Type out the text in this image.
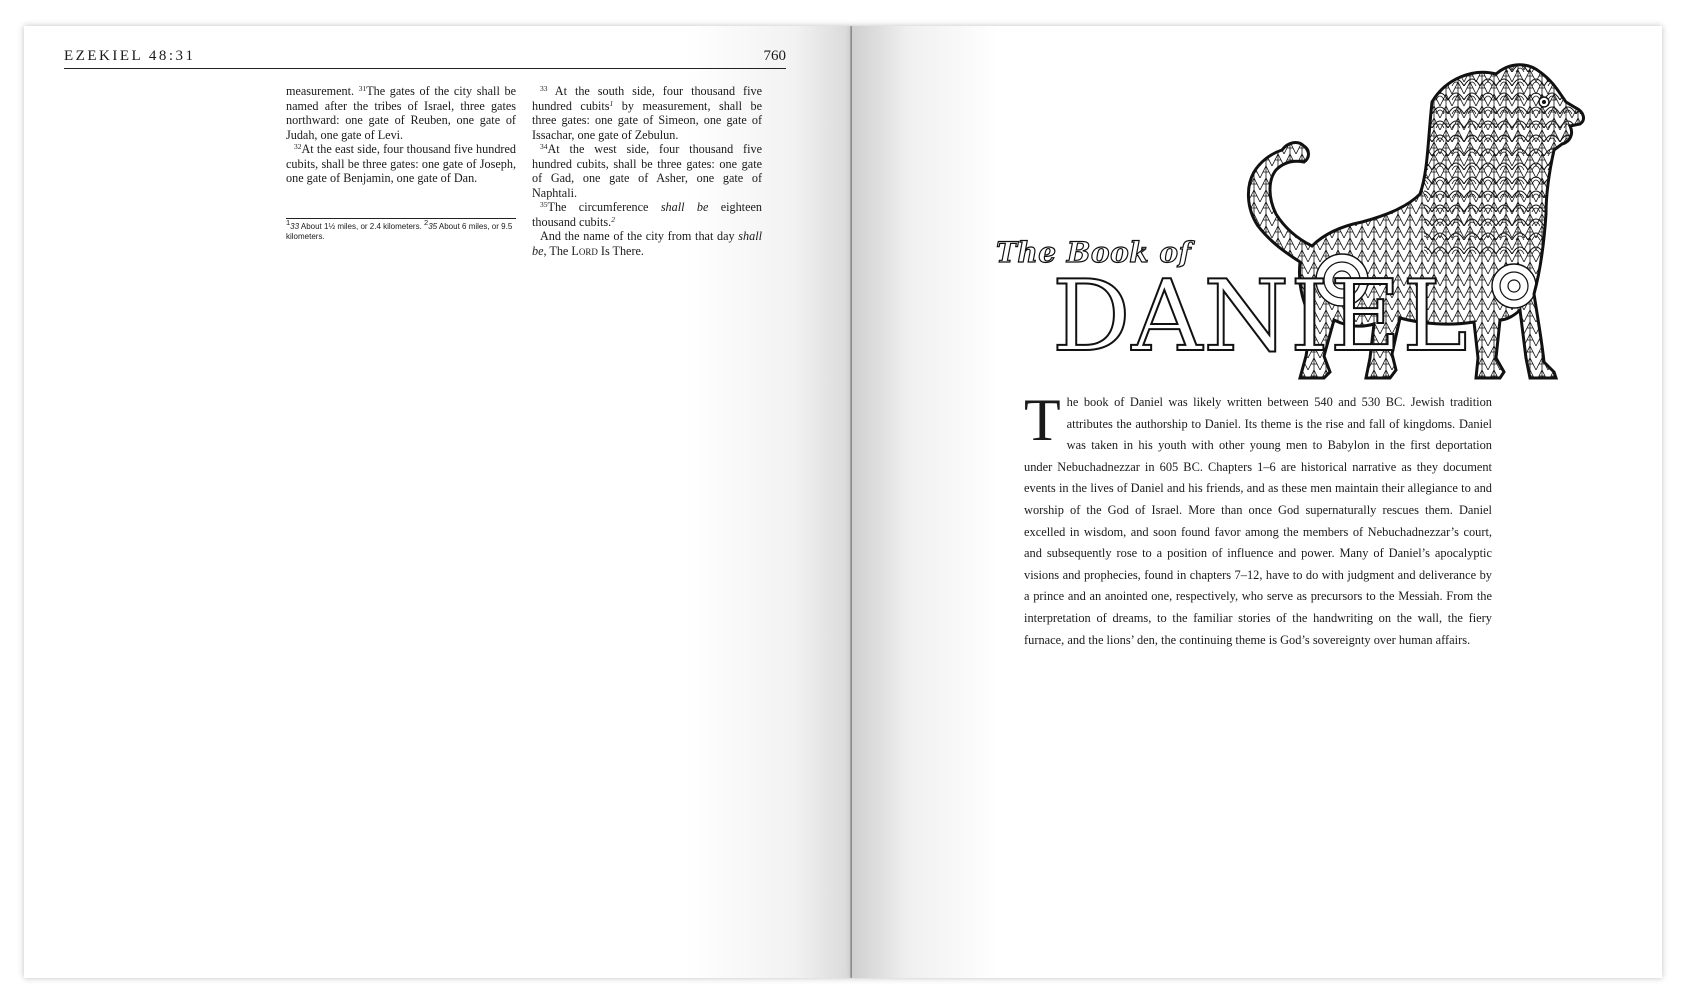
EZEKIEL 48:31	760

measurement. $^{31}$The gates of the city shall be named after the tribes of Israel, three gates northward: one gate of Reuben, one gate of Judah, one gate of Levi.

$^{32}$At the east side, four thousand five hundred cubits, shall be three gates: one gate of Joseph, one gate of Benjamin, one gate of Dan.

$^1$33 About 1½ miles, or 2.4 kilometers. $^2$35 About 6 miles, or 9.5 kilometers.

$^{33}$ At the south side, four thousand five hundred cubits$^1$ by measurement, shall be three gates: one gate of Simeon, one gate of Issachar, one gate of Zebulun.

$^{34}$At the west side, four thousand five hundred cubits, shall be three gates: one gate of Gad, one gate of Asher, one gate of Naphtali.

$^{35}$The circumference shall be eighteen thousand cubits.$^2$

And the name of the city from that day shall be, The Lord Is There.	The Book of
DANIEL
The book of Daniel was likely written between 540 and 530 BC. Jewish tradition attributes the authorship to Daniel. Its theme is the rise and fall of kingdoms. Daniel was taken in his youth with other young men to Babylon in the first deportation under Nebuchadnezzar in 605 BC. Chapters 1–6 are historical narrative as they document events in the lives of Daniel and his friends, and as these men maintain their allegiance to and worship of the God of Israel. More than once God supernaturally rescues them. Daniel excelled in wisdom, and soon found favor among the members of Nebuchadnezzar’s court, and subsequently rose to a position of influence and power. Many of Daniel’s apocalyptic visions and prophecies, found in chapters 7–12, have to do with judgment and deliverance by a prince and an anointed one, respectively, who serve as precursors to the Messiah. From the interpretation of dreams, to the familiar stories of the handwriting on the wall, the fiery furnace, and the lions’ den, the continuing theme is God’s sovereignty over human affairs.
